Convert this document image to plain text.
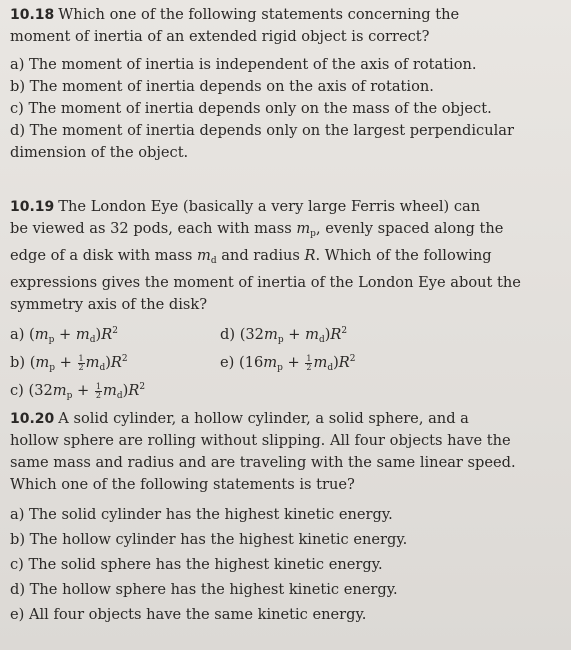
10.18 Which one of the following statements concerning the
moment of inertia of an extended rigid object is correct?
a) The moment of inertia is independent of the axis of rotation.
b) The moment of inertia depends on the axis of rotation.
c) The moment of inertia depends only on the mass of the object.
d) The moment of inertia depends only on the largest perpendicular
dimension of the object.
10.19 The London Eye (basically a very large Ferris wheel) can
be viewed as 32 pods, each with mass $m_p$, evenly spaced along the
edge of a disk with mass $m_d$ and radius R. Which of the following
expressions gives the moment of inertia of the London Eye about the
symmetry axis of the disk?
a) $(m_p + m_d)R^2$	d) $(32m_p + m_d)R^2$
b) $(m_p + \frac{1}{2} m_d)R^2$	e) $(16m_p + \frac{1}{2} m_d)R^2$
c) $(32m_p + \frac{1}{2} m_d)R^2$
10.20 A solid cylinder, a hollow cylinder, a solid sphere, and a
hollow sphere are rolling without slipping. All four objects have the
same mass and radius and are traveling with the same linear speed.
Which one of the following statements is true?
a) The solid cylinder has the highest kinetic energy.
b) The hollow cylinder has the highest kinetic energy.
c) The solid sphere has the highest kinetic energy.
d) The hollow sphere has the highest kinetic energy.
e) All four objects have the same kinetic energy.
